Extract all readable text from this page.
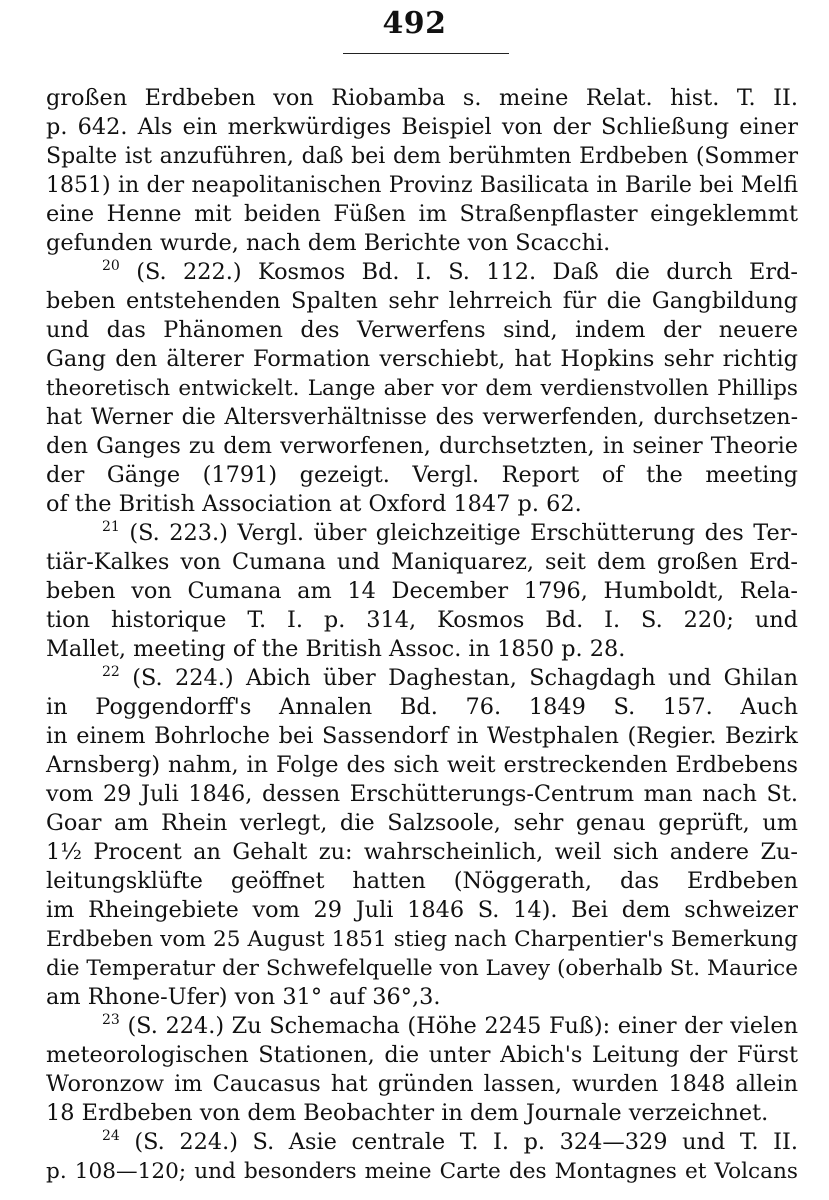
492
großen Erdbeben von Riobamba s. meine Relat. hist. T. II.
p. 642. Als ein merkwürdiges Beispiel von der Schließung einer
Spalte ist anzuführen, daß bei dem berühmten Erdbeben (Sommer
1851) in der neapolitanischen Provinz Basilicata in Barile bei Melfi
eine Henne mit beiden Füßen im Straßenpflaster eingeklemmt
gefunden wurde, nach dem Berichte von Scacchi.
$^{20}$ (S. 222.) Kosmos Bd. I. S. 112. Daß die durch Erd-
beben entstehenden Spalten sehr lehrreich für die Gangbildung
und das Phänomen des Verwerfens sind, indem der neuere
Gang den älterer Formation verschiebt, hat Hopkins sehr richtig
theoretisch entwickelt. Lange aber vor dem verdienstvollen Phillips
hat Werner die Altersverhältnisse des verwerfenden, durchsetzen-
den Ganges zu dem verworfenen, durchsetzten, in seiner Theorie
der Gänge (1791) gezeigt. Vergl. Report of the meeting
of the British Association at Oxford 1847 p. 62.
$^{21}$ (S. 223.) Vergl. über gleichzeitige Erschütterung des Ter-
tiär-Kalkes von Cumana und Maniquarez, seit dem großen Erd-
beben von Cumana am 14 December 1796, Humboldt, Rela-
tion historique T. I. p. 314, Kosmos Bd. I. S. 220; und
Mallet, meeting of the British Assoc. in 1850 p. 28.
$^{22}$ (S. 224.) Abich über Daghestan, Schagdagh und Ghilan
in Poggendorff's Annalen Bd. 76. 1849 S. 157. Auch
in einem Bohrloche bei Sassendorf in Westphalen (Regier. Bezirk
Arnsberg) nahm, in Folge des sich weit erstreckenden Erdbebens
vom 29 Juli 1846, dessen Erschütterungs-Centrum man nach St.
Goar am Rhein verlegt, die Salzsoole, sehr genau geprüft, um
1½ Procent an Gehalt zu: wahrscheinlich, weil sich andere Zu-
leitungsklüfte geöffnet hatten (Nöggerath, das Erdbeben
im Rheingebiete vom 29 Juli 1846 S. 14). Bei dem schweizer
Erdbeben vom 25 August 1851 stieg nach Charpentier's Bemerkung
die Temperatur der Schwefelquelle von Lavey (oberhalb St. Maurice
am Rhone-Ufer) von 31° auf 36°,3.
$^{23}$ (S. 224.) Zu Schemacha (Höhe 2245 Fuß): einer der vielen
meteorologischen Stationen, die unter Abich's Leitung der Fürst
Woronzow im Caucasus hat gründen lassen, wurden 1848 allein
18 Erdbeben von dem Beobachter in dem Journale verzeichnet.
$^{24}$ (S. 224.) S. Asie centrale T. I. p. 324—329 und T. II.
p. 108—120; und besonders meine Carte des Montagnes et Volcans
